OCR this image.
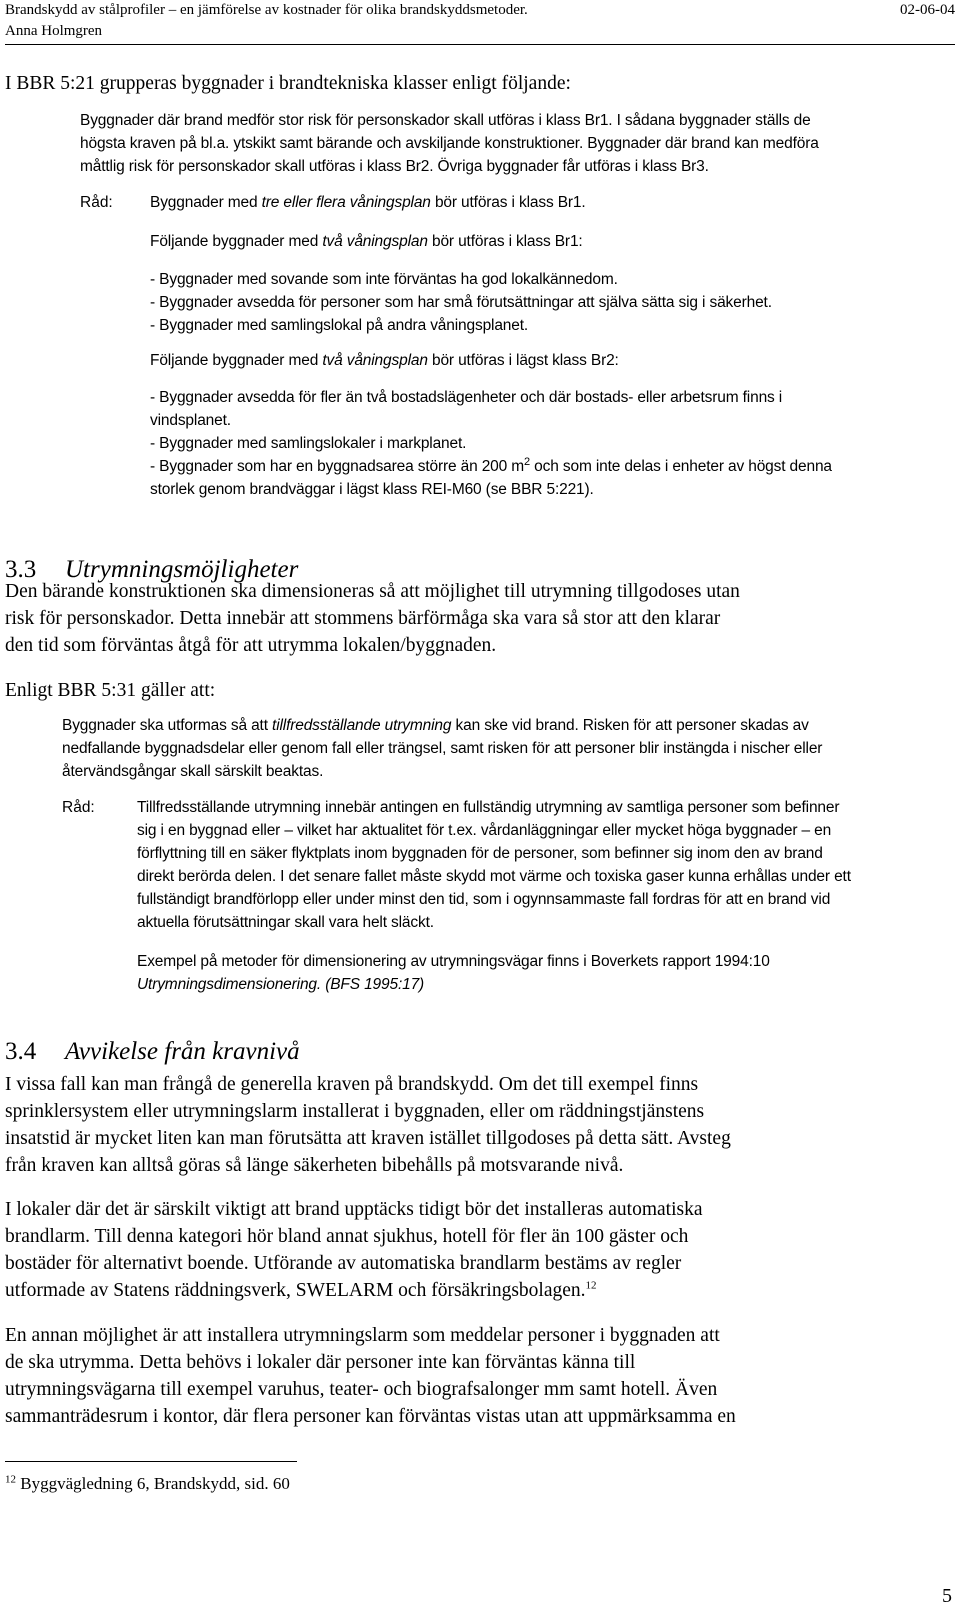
Brandskydd av stålprofiler – en jämförelse av kostnader för olika brandskyddsmetoder.	02-06-04
Anna Holmgren
I BBR 5:21 grupperas byggnader i brandtekniska klasser enligt följande:
Byggnader där brand medför stor risk för personskador skall utföras i klass Br1. I sådana byggnader ställs de
högsta kraven på bl.a. ytskikt samt bärande och avskiljande konstruktioner. Byggnader där brand kan medföra
måttlig risk för personskador skall utföras i klass Br2. Övriga byggnader får utföras i klass Br3.
Råd: Byggnader med tre eller flera våningsplan bör utföras i klass Br1.
Följande byggnader med två våningsplan bör utföras i klass Br1:
- Byggnader med sovande som inte förväntas ha god lokalkännedom.
- Byggnader avsedda för personer som har små förutsättningar att själva sätta sig i säkerhet.
- Byggnader med samlingslokal på andra våningsplanet.
Följande byggnader med två våningsplan bör utföras i lägst klass Br2:
- Byggnader avsedda för fler än två bostadslägenheter och där bostads- eller arbetsrum finns i
vindsplanet.
- Byggnader med samlingslokaler i markplanet.
- Byggnader som har en byggnadsarea större än 200 $m^2$ och som inte delas i enheter av högst denna
storlek genom brandväggar i lägst klass REI-M60 (se BBR 5:221).
3.3 Utrymningsmöjligheter
Den bärande konstruktionen ska dimensioneras så att möjlighet till utrymning tillgodoses utan
risk för personskador. Detta innebär att stommens bärförmåga ska vara så stor att den klarar
den tid som förväntas åtgå för att utrymma lokalen/byggnaden.
Enligt BBR 5:31 gäller att:
Byggnader ska utformas så att tillfredsställande utrymning kan ske vid brand. Risken för att personer skadas av
nedfallande byggnadsdelar eller genom fall eller trängsel, samt risken för att personer blir instängda i nischer eller
återvändsgångar skall särskilt beaktas.
Råd:	Tillfredsställande utrymning innebär antingen en fullständig utrymning av samtliga personer som befinner
sig i en byggnad eller – vilket har aktualitet för t.ex. vårdanläggningar eller mycket höga byggnader – en
förflyttning till en säker flyktplats inom byggnaden för de personer, som befinner sig inom den av brand
direkt berörda delen. I det senare fallet måste skydd mot värme och toxiska gaser kunna erhållas under ett
fullständigt brandförlopp eller under minst den tid, som i ogynnsammaste fall fordras för att en brand vid
aktuella förutsättningar skall vara helt släckt.
Exempel på metoder för dimensionering av utrymningsvägar finns i Boverkets rapport 1994:10
Utrymningsdimensionering. (BFS 1995:17)
3.4 Avvikelse från kravnivå
I vissa fall kan man frångå de generella kraven på brandskydd. Om det till exempel finns
sprinklersystem eller utrymningslarm installerat i byggnaden, eller om räddningstjänstens
insatstid är mycket liten kan man förutsätta att kraven istället tillgodoses på detta sätt. Avsteg
från kraven kan alltså göras så länge säkerheten bibehålls på motsvarande nivå.
I lokaler där det är särskilt viktigt att brand upptäcks tidigt bör det installeras automatiska
brandlarm. Till denna kategori hör bland annat sjukhus, hotell för fler än 100 gäster och
bostäder för alternativt boende. Utförande av automatiska brandlarm bestäms av regler
utformade av Statens räddningsverk, SWELARM och försäkringsbolagen.$^{12}$
En annan möjlighet är att installera utrymningslarm som meddelar personer i byggnaden att
de ska utrymma. Detta behövs i lokaler där personer inte kan förväntas känna till
utrymningsvägarna till exempel varuhus, teater- och biografsalonger mm samt hotell. Även
sammanträdesrum i kontor, där flera personer kan förväntas vistas utan att uppmärksamma en
$^{12}$ Byggvägledning 6, Brandskydd, sid. 60
5
